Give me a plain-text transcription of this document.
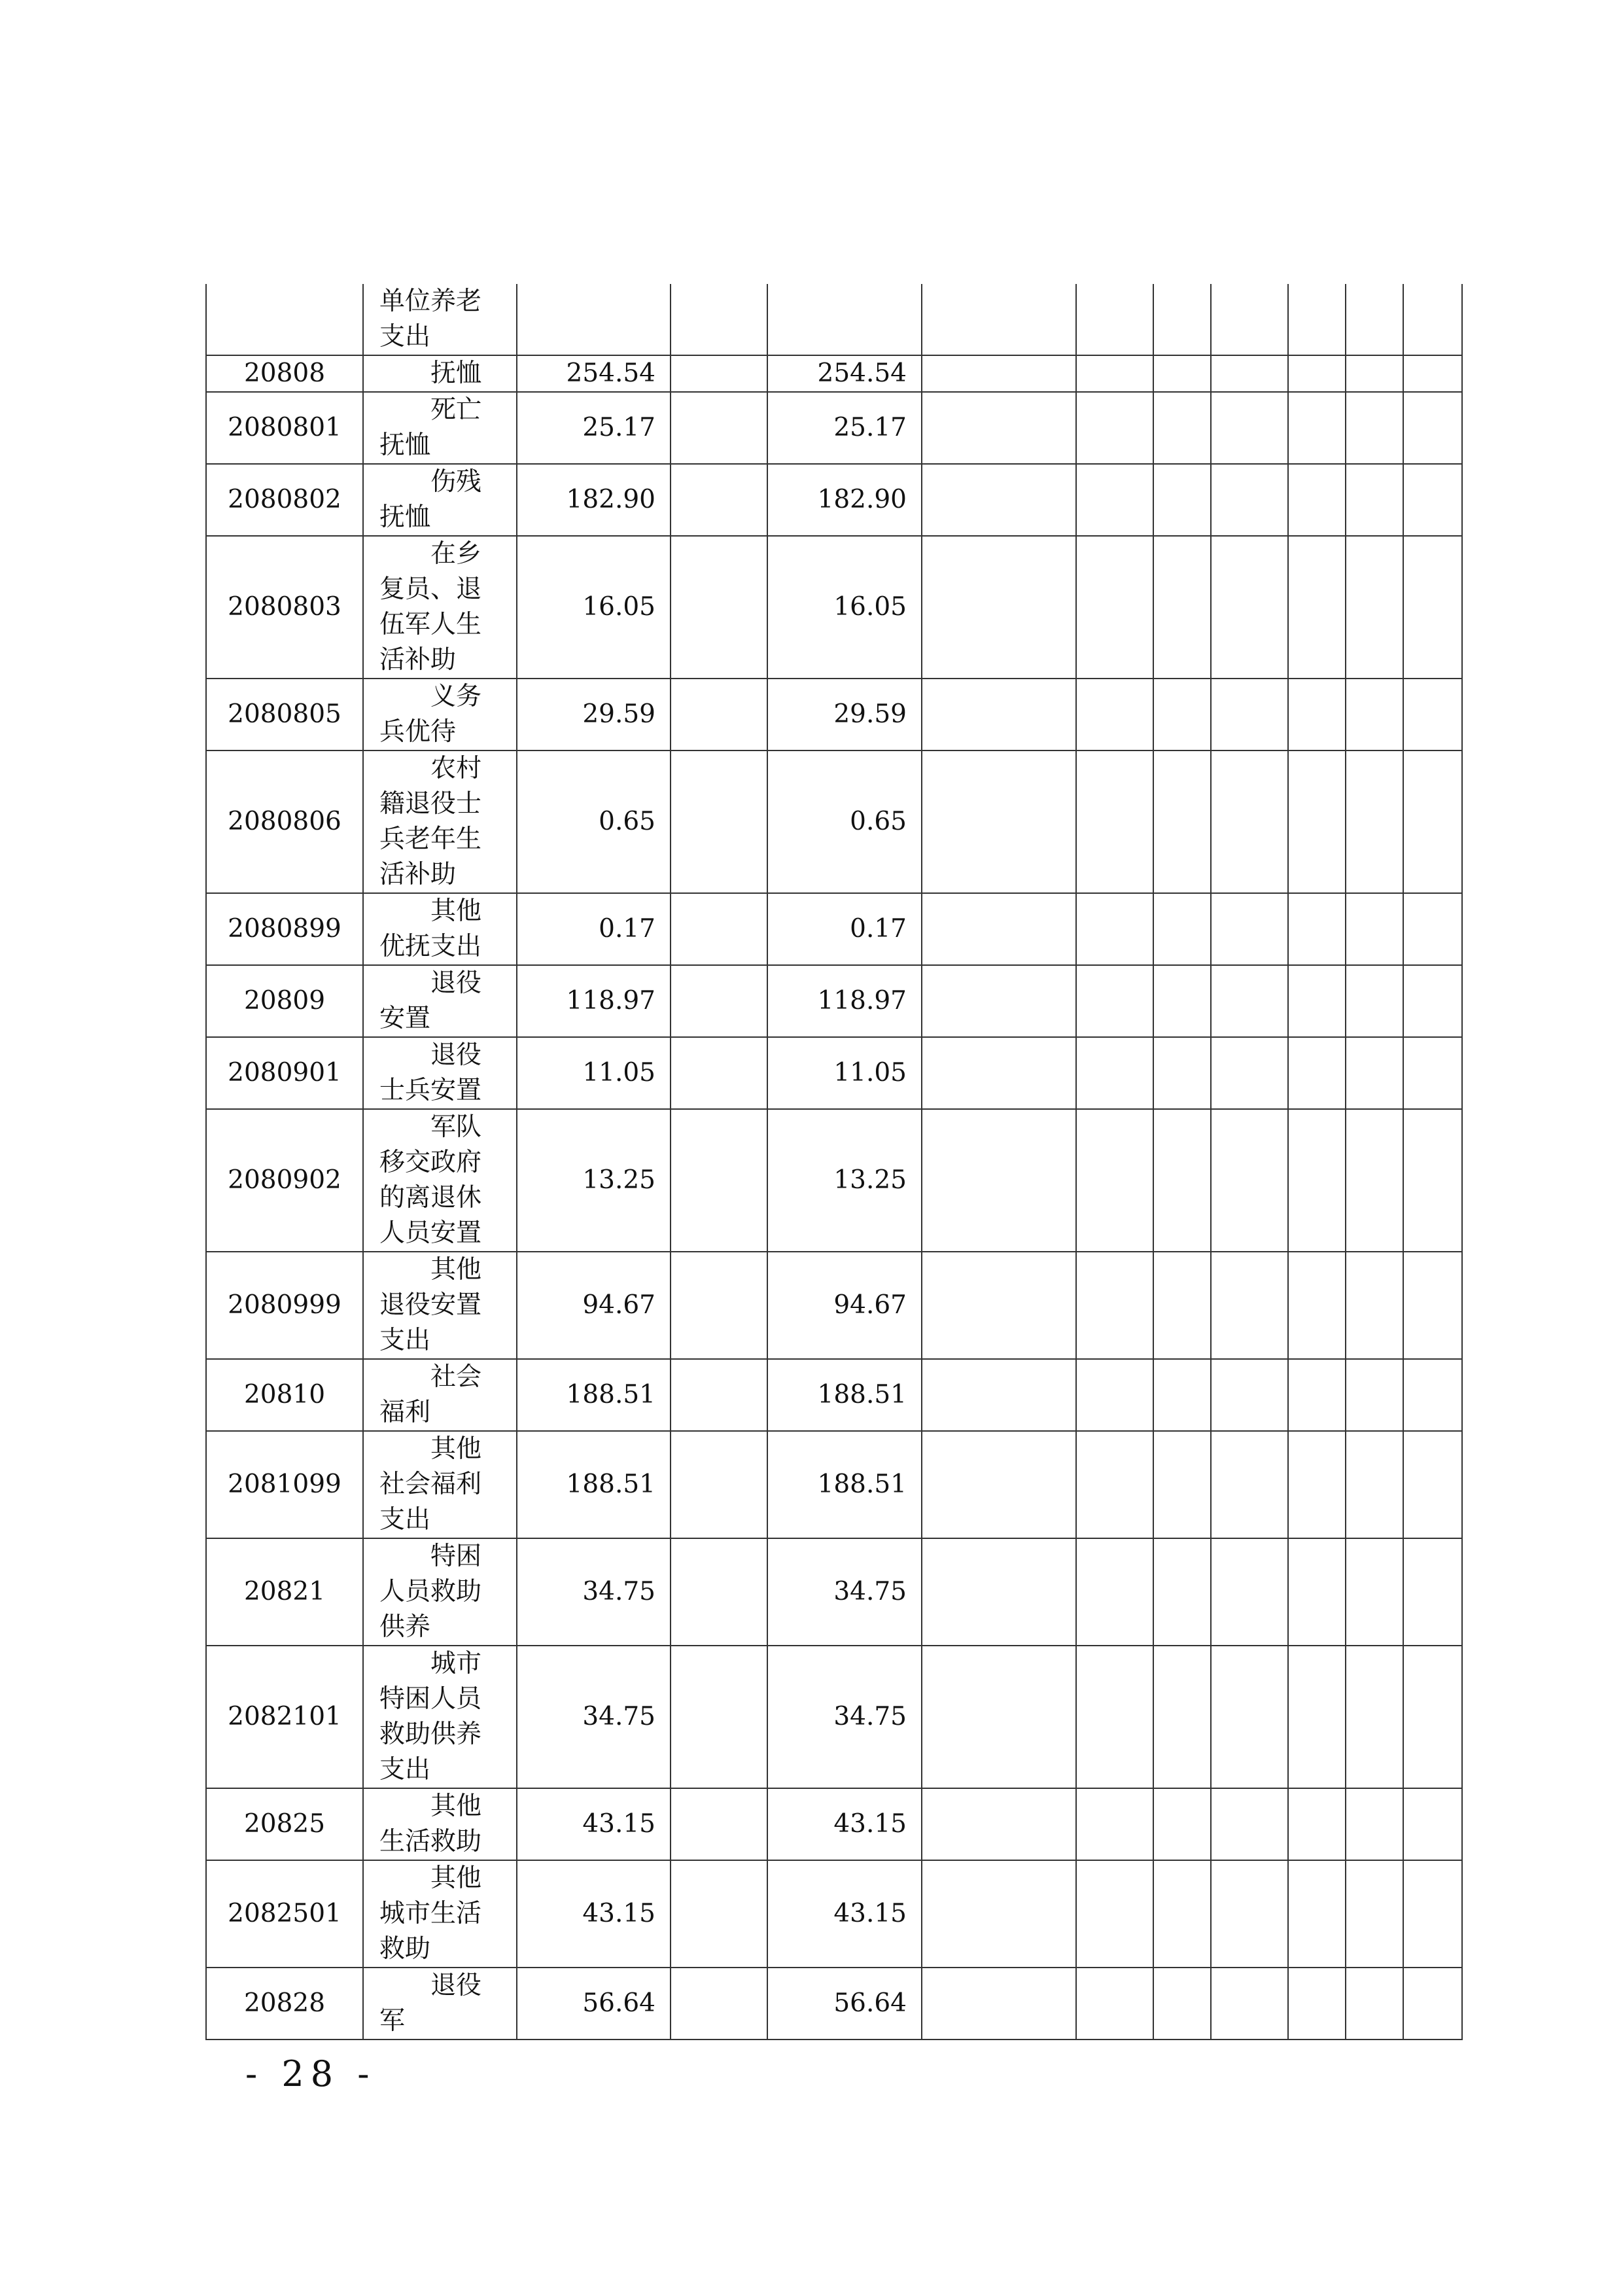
	单位养老支出										

20808	抚恤	254.54		254.54							
2080801	死亡抚恤	25.17		25.17							
2080802	伤残抚恤	182.90		182.90							
2080803	在乡复员、退伍军人生活补助	16.05		16.05							
2080805	义务兵优待	29.59		29.59							
2080806	农村籍退役士兵老年生活补助	0.65		0.65							
2080899	其他优抚支出	0.17		0.17							
20809	退役安置	118.97		118.97							
2080901	退役士兵安置	11.05		11.05							
2080902	军队移交政府的离退休人员安置	13.25		13.25							
2080999	其他退役安置支出	94.67		94.67							
20810	社会福利	188.51		188.51							
2081099	其他社会福利支出	188.51		188.51							
20821	特困人员救助供养	34.75		34.75							
2082101	城市特困人员救助供养支出	34.75		34.75							
20825	其他生活救助	43.15		43.15							
2082501	其他城市生活救助	43.15		43.15							
20828	退役军	56.64		56.64							
- 28 -
